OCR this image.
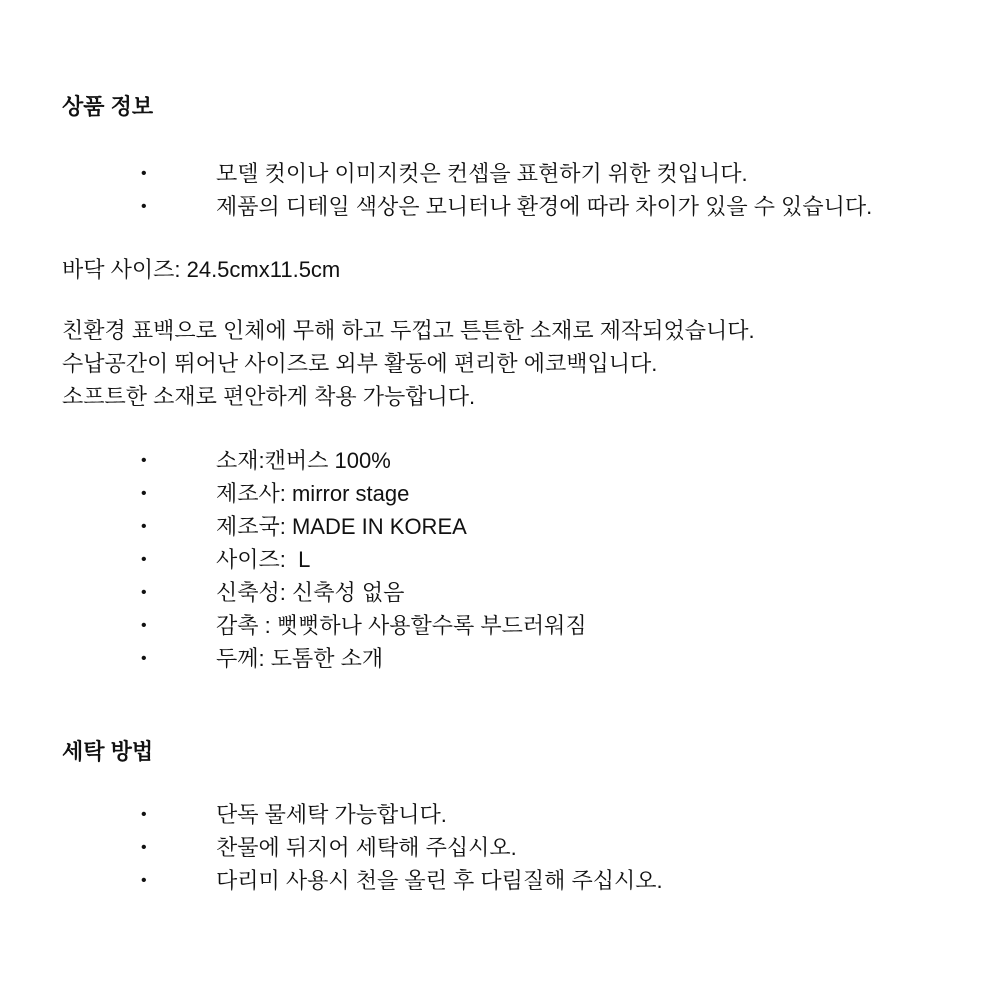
상품 정보
•	모델 컷이나 이미지컷은 컨셉을 표현하기 위한 컷입니다.
•	제품의 디테일 색상은 모니터나 환경에 따라 차이가 있을 수 있습니다.
바닥 사이즈: 24.5cmx11.5cm
친환경 표백으로 인체에 무해 하고 두껍고 튼튼한 소재로 제작되었습니다.
수납공간이 뛰어난 사이즈로 외부 활동에 편리한 에코백입니다.
소프트한 소재로 편안하게 착용 가능합니다.
•	소재:캔버스 100%
•	제조사: mirror stage
•	제조국: MADE IN KOREA
•	사이즈:  L
•	신축성: 신축성 없음
•	감촉 : 뻣뻣하나 사용할수록 부드러워짐
•	두께: 도톰한 소개
세탁 방법
•	단독 물세탁 가능합니다.
•	찬물에 뒤지어 세탁해 주십시오.
•	다리미 사용시 천을 올린 후 다림질해 주십시오.
